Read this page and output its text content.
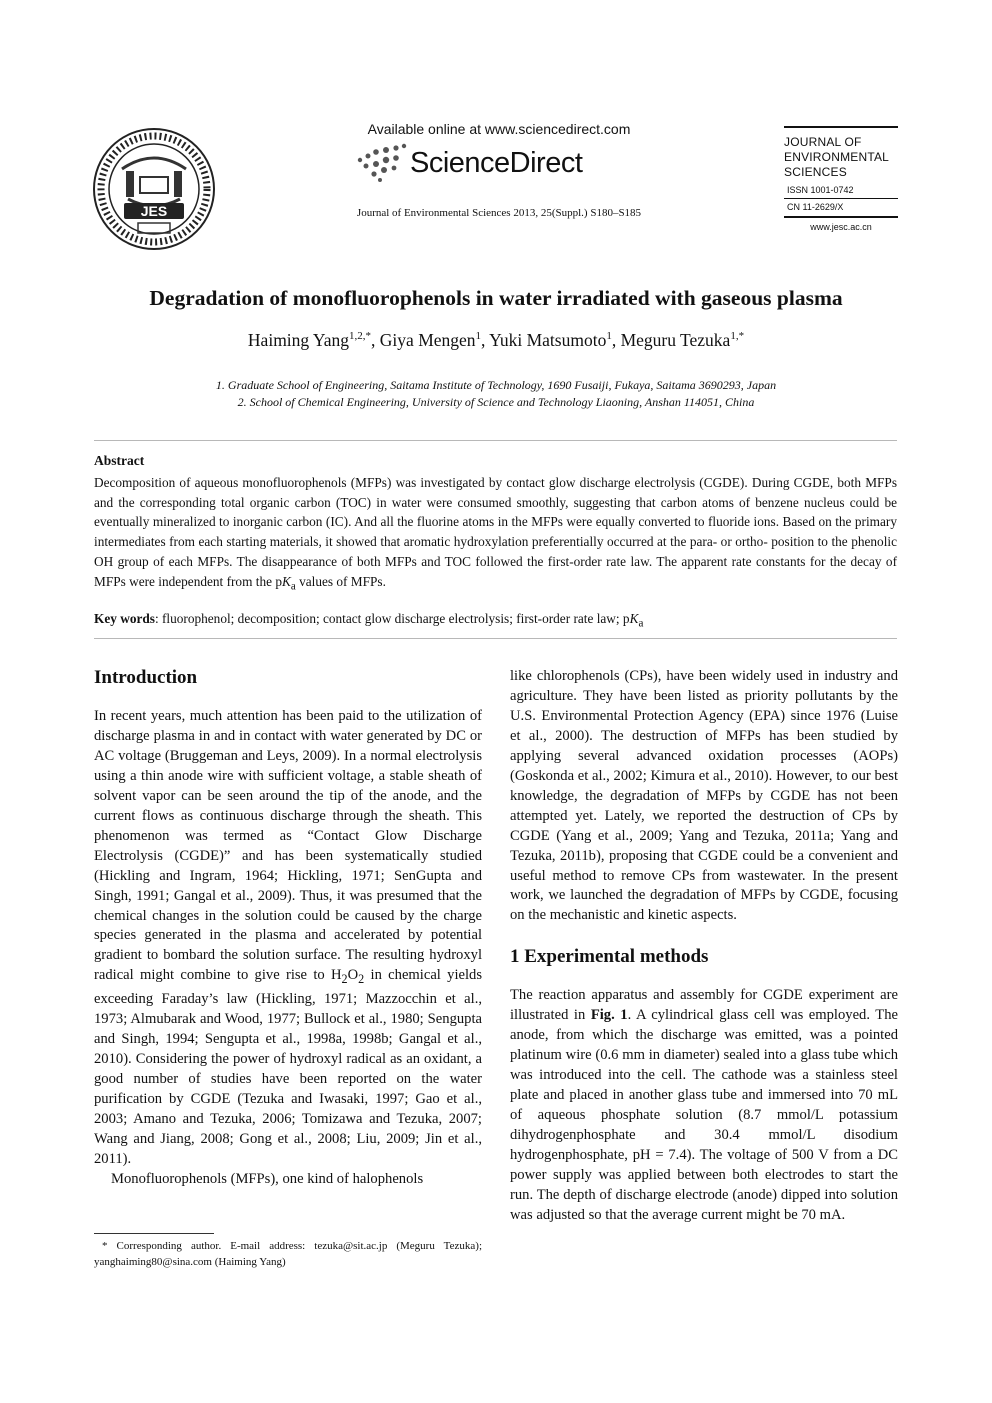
JES
Available online at www.sciencedirect.com
ScienceDirect
Journal of Environmental Sciences 2013, 25(Suppl.) S180–S185
JOURNAL OF
ENVIRONMENTAL
SCIENCES
ISSN 1001-0742
CN 11-2629/X
www.jesc.ac.cn
Degradation of monofluorophenols in water irradiated with gaseous plasma
Haiming Yang$^{1,2,*}$, Giya Mengen$^1$, Yuki Matsumoto$^1$, Meguru Tezuka$^{1,*}$
1. Graduate School of Engineering, Saitama Institute of Technology, 1690 Fusaiji, Fukaya, Saitama 3690293, Japan
2. School of Chemical Engineering, University of Science and Technology Liaoning, Anshan 114051, China
Abstract
Decomposition of aqueous monofluorophenols (MFPs) was investigated by contact glow discharge electrolysis (CGDE). During CGDE, both MFPs and the corresponding total organic carbon (TOC) in water were consumed smoothly, suggesting that carbon atoms of benzene nucleus could be eventually mineralized to inorganic carbon (IC). And all the fluorine atoms in the MFPs were equally converted to fluoride ions. Based on the primary intermediates from each starting materials, it showed that aromatic hydroxylation preferentially occurred at the para- or ortho- position to the phenolic OH group of each MFPs. The disappearance of both MFPs and TOC followed the first-order rate law. The apparent rate constants for the decay of MFPs were independent from the $pK_a$ values of MFPs.
Key words: fluorophenol; decomposition; contact glow discharge electrolysis; first-order rate law; $pK_a$
Introduction

In recent years, much attention has been paid to the utilization of discharge plasma in and in contact with water generated by DC or AC voltage (Bruggeman and Leys, 2009). In a normal electrolysis using a thin anode wire with sufficient voltage, a stable sheath of solvent vapor can be seen around the tip of the anode, and the current flows as continuous discharge through the sheath. This phenomenon was termed as “Contact Glow Discharge Electrolysis (CGDE)” and has been systematically studied (Hickling and Ingram, 1964; Hickling, 1971; SenGupta and Singh, 1991; Gangal et al., 2009). Thus, it was presumed that the chemical changes in the solution could be caused by the charge species generated in the plasma and accelerated by potential gradient to bombard the solution surface. The resulting hydroxyl radical might combine to give rise to $H_2O_2$ in chemical yields exceeding Faraday’s law (Hickling, 1971; Mazzocchin et al., 1973; Almubarak and Wood, 1977; Bullock et al., 1980; Sengupta and Singh, 1994; Sengupta et al., 1998a, 1998b; Gangal et al., 2010). Considering the power of hydroxyl radical as an oxidant, a good number of studies have been reported on the water purification by CGDE (Tezuka and Iwasaki, 1997; Gao et al., 2003; Amano and Tezuka, 2006; Tomizawa and Tezuka, 2007; Wang and Jiang, 2008; Gong et al., 2008; Liu, 2009; Jin et al., 2011).

Monofluorophenols (MFPs), one kind of halophenols

* Corresponding author. E-mail address: tezuka@sit.ac.jp (Meguru Tezuka); yanghaiming80@sina.com (Haiming Yang)

like chlorophenols (CPs), have been widely used in industry and agriculture. They have been listed as priority pollutants by the U.S. Environmental Protection Agency (EPA) since 1976 (Luise et al., 2000). The destruction of MFPs has been studied by applying several advanced oxidation processes (AOPs) (Goskonda et al., 2002; Kimura et al., 2010). However, to our best knowledge, the degradation of MFPs by CGDE has not been attempted yet. Lately, we reported the destruction of CPs by CGDE (Yang et al., 2009; Yang and Tezuka, 2011a; Yang and Tezuka, 2011b), proposing that CGDE could be a convenient and useful method to remove CPs from wastewater. In the present work, we launched the degradation of MFPs by CGDE, focusing on the mechanistic and kinetic aspects.

1 Experimental methods

The reaction apparatus and assembly for CGDE experiment are illustrated in Fig. 1. A cylindrical glass cell was employed. The anode, from which the discharge was emitted, was a pointed platinum wire (0.6 mm in diameter) sealed into a glass tube which was introduced into the cell. The cathode was a stainless steel plate and placed in another glass tube and immersed into 70 mL of aqueous phosphate solution (8.7 mmol/L potassium dihydrogenphosphate and 30.4 mmol/L disodium hydrogenphosphate, pH = 7.4). The voltage of 500 V from a DC power supply was applied between both electrodes to start the run. The depth of discharge electrode (anode) dipped into solution was adjusted so that the average current might be 70 mA.
